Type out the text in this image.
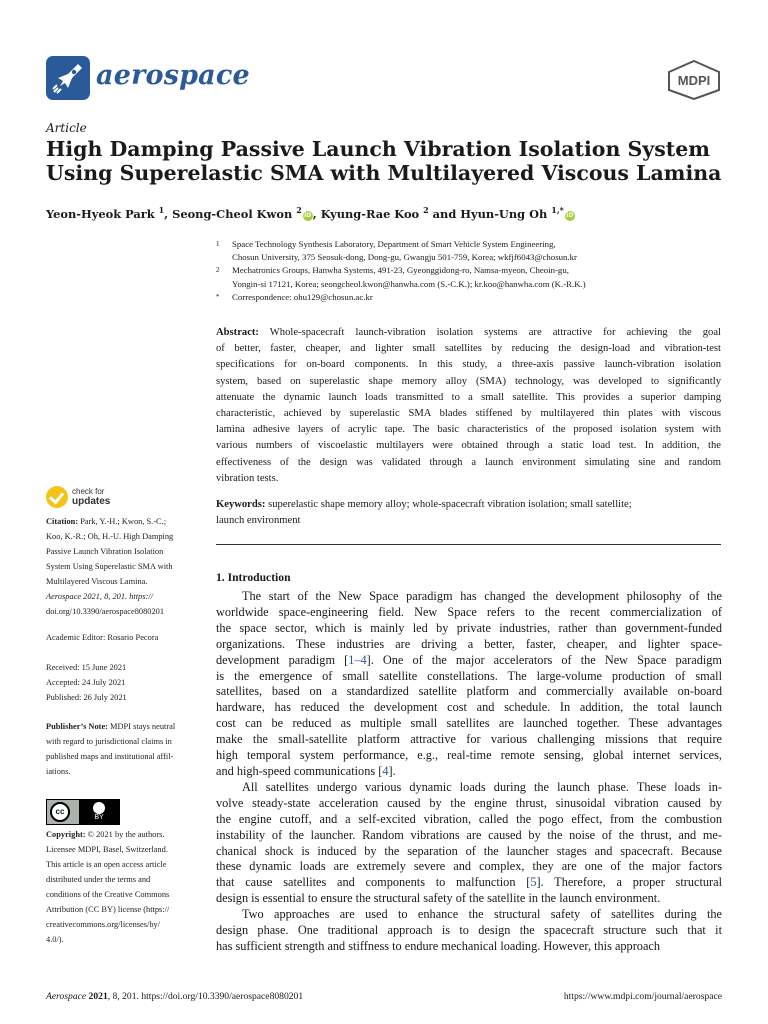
aerospace	MDPI
Article
High Damping Passive Launch Vibration Isolation System
Using Superelastic SMA with Multilayered Viscous Lamina
Yeon-Hyeok Park $^1$, Seong-Cheol Kwon $^2$iD, Kyung-Rae Koo $^2$ and Hyun-Ung Oh $^{1,*}$iD
1	Space Technology Synthesis Laboratory, Department of Smart Vehicle System Engineering,
Chosun University, 375 Seosuk-dong, Dong-gu, Gwangju 501-759, Korea; wkfjf6043@chosun.kr
2	Mechatronics Groups, Hanwha Systems, 491-23, Gyeonggidong-ro, Namsa-myeon, Cheoin-gu,
Yongin-si 17121, Korea; seongcheol.kwon@hanwha.com (S.-C.K.); kr.koo@hanwha.com (K.-R.K.)
*	Correspondence: ohu129@chosun.ac.kr
Abstract: Whole-spacecraft launch-vibration isolation systems are attractive for achieving the goal
of better, faster, cheaper, and lighter small satellites by reducing the design-load and vibration-test
specifications for on-board components. In this study, a three-axis passive launch-vibration isolation
system, based on superelastic shape memory alloy (SMA) technology, was developed to significantly
attenuate the dynamic launch loads transmitted to a small satellite. This provides a superior damping
characteristic, achieved by superelastic SMA blades stiffened by multilayered thin plates with viscous
lamina adhesive layers of acrylic tape. The basic characteristics of the proposed isolation system with
various numbers of viscoelastic multilayers were obtained through a static load test. In addition, the
effectiveness of the design was validated through a launch environment simulating sine and random
vibration tests.
Keywords: superelastic shape memory alloy; whole-spacecraft vibration isolation; small satellite;
launch environment
check for
updates
Citation: Park, Y.-H.; Kwon, S.-C.;
Koo, K.-R.; Oh, H.-U. High Damping
Passive Launch Vibration Isolation
System Using Superelastic SMA with
Multilayered Viscous Lamina.
Aerospace 2021, 8, 201. https://
doi.org/10.3390/aerospace8080201
Academic Editor: Rosario Pecora
Received: 15 June 2021
Accepted: 24 July 2021
Published: 26 July 2021
Publisher’s Note: MDPI stays neutral
with regard to jurisdictional claims in
published maps and institutional affil-
iations.
cc
BY
Copyright: © 2021 by the authors.
Licensee MDPI, Basel, Switzerland.
This article is an open access article
distributed under the terms and
conditions of the Creative Commons
Attribution (CC BY) license (https://
creativecommons.org/licenses/by/
4.0/).
1. Introduction
The start of the New Space paradigm has changed the development philosophy of the
worldwide space-engineering field. New Space refers to the recent commercialization of
the space sector, which is mainly led by private industries, rather than government-funded
organizations. These industries are driving a better, faster, cheaper, and lighter space-
development paradigm [1–4]. One of the major accelerators of the New Space paradigm
is the emergence of small satellite constellations. The large-volume production of small
satellites, based on a standardized satellite platform and commercially available on-board
hardware, has reduced the development cost and schedule. In addition, the total launch
cost can be reduced as multiple small satellites are launched together. These advantages
make the small-satellite platform attractive for various challenging missions that require
high temporal system performance, e.g., real-time remote sensing, global internet services,
and high-speed communications [4].
All satellites undergo various dynamic loads during the launch phase. These loads in-
volve steady-state acceleration caused by the engine thrust, sinusoidal vibration caused by
the engine cutoff, and a self-excited vibration, called the pogo effect, from the combustion
instability of the launcher. Random vibrations are caused by the noise of the thrust, and me-
chanical shock is induced by the separation of the launcher stages and spacecraft. Because
these dynamic loads are extremely severe and complex, they are one of the major factors
that cause satellites and components to malfunction [5]. Therefore, a proper structural
design is essential to ensure the structural safety of the satellite in the launch environment.
Two approaches are used to enhance the structural safety of satellites during the
design phase. One traditional approach is to design the spacecraft structure such that it
has sufficient strength and stiffness to endure mechanical loading. However, this approach
Aerospace 2021, 8, 201. https://doi.org/10.3390/aerospace8080201	https://www.mdpi.com/journal/aerospace
